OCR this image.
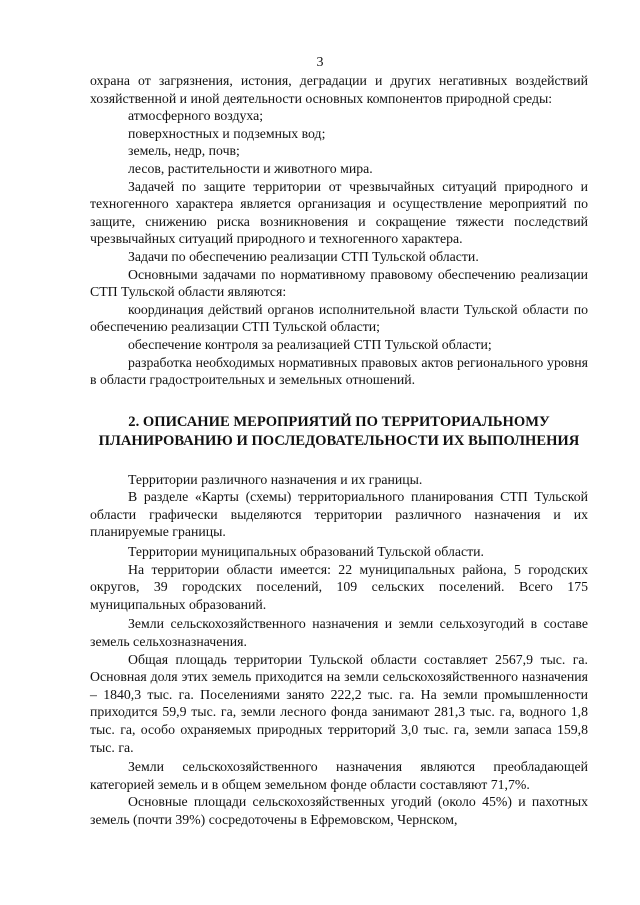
3

охрана от загрязнения, истония, деградации и других негативных воздействий хозяйственной и иной деятельности основных компонентов природной среды:

атмосферного воздуха;

поверхностных и подземных вод;

земель, недр, почв;

лесов, растительности и животного мира.

Задачей по защите территории от чрезвычайных ситуаций природного и техногенного характера является организация и осуществление мероприятий по защите, снижению риска возникновения и сокращение тяжести последствий чрезвычайных ситуаций природного и техногенного характера.

Задачи по обеспечению реализации СТП Тульской области.

Основными задачами по нормативному правовому обеспечению реализации СТП Тульской области являются:

координация действий органов исполнительной власти Тульской области по обеспечению реализации СТП Тульской области;

обеспечение контроля за реализацией СТП Тульской области;

разработка необходимых нормативных правовых актов регионального уровня в области градостроительных и земельных отношений.

2. ОПИСАНИЕ МЕРОПРИЯТИЙ ПО ТЕРРИТОРИАЛЬНОМУ
ПЛАНИРОВАНИЮ И ПОСЛЕДОВАТЕЛЬНОСТИ ИХ ВЫПОЛНЕНИЯ

Территории различного назначения и их границы.

В разделе «Карты (схемы) территориального планирования СТП Тульской области графически выделяются территории различного назначения и их планируемые границы.

Территории муниципальных образований Тульской области.

На территории области имеется: 22 муниципальных района, 5 городских округов, 39 городских поселений, 109 сельских поселений. Всего 175 муниципальных образований.

Земли сельскохозяйственного назначения и земли сельхозугодий в составе земель сельхозназначения.

Общая площадь территории Тульской области составляет 2567,9 тыс. га. Основная доля этих земель приходится на земли сельскохозяйственного назначения – 1840,3 тыс. га. Поселениями занято 222,2 тыс. га. На земли промышленности приходится 59,9 тыс. га, земли лесного фонда занимают 281,3 тыс. га, водного 1,8 тыс. га, особо охраняемых природных территорий 3,0 тыс. га, земли запаса 159,8 тыс. га.

Земли сельскохозяйственного назначения являются преобладающей категорией земель и в общем земельном фонде области составляют 71,7%.

Основные площади сельскохозяйственных угодий (около 45%) и пахотных земель (почти 39%) сосредоточены в Ефремовском, Чернском,
